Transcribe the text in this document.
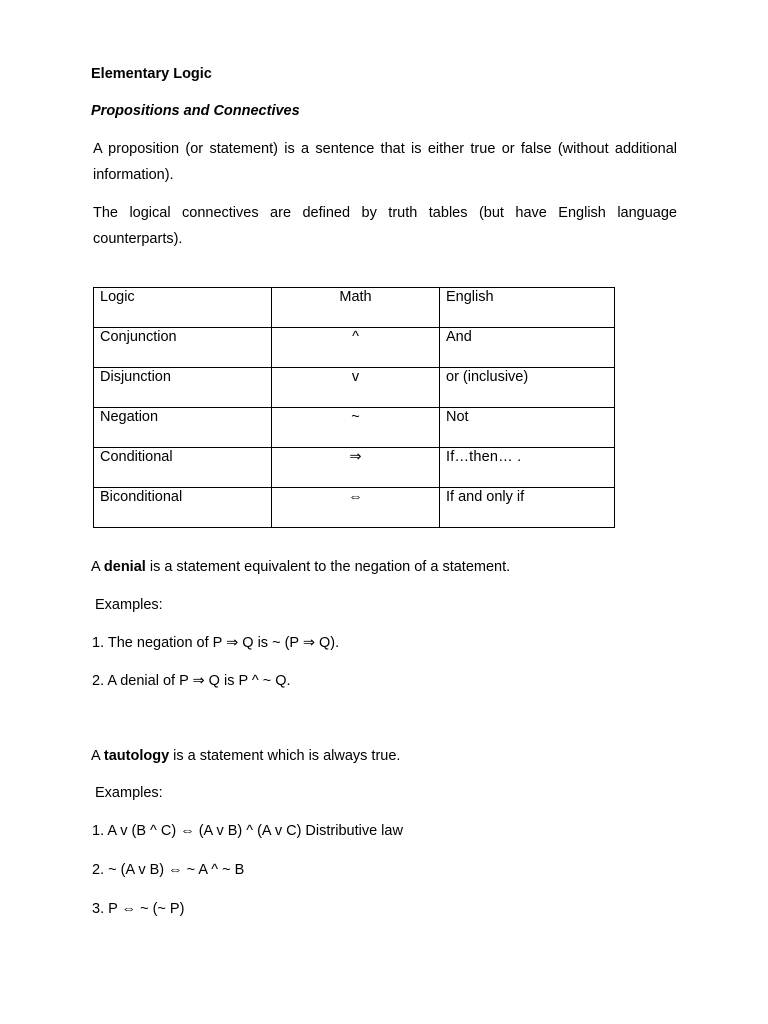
Elementary Logic
Propositions and Connectives
A proposition (or statement) is a sentence that is either true or false (without additional information).
The logical connectives are defined by truth tables (but have English language counterparts).
Logic	Math	English
Conjunction	^	And
Disjunction	v	or (inclusive)
Negation	~	Not
Conditional	⇒	If…then… .
Biconditional	⇔	If and only if
A denial is a statement equivalent to the negation of a statement.
Examples:
1. The negation of P ⇒ Q is ~ (P ⇒ Q).
2. A denial of P ⇒ Q is P ^ ~ Q.
A tautology is a statement which is always true.
Examples:
1. A v (B ^ C) ⇔ (A v B) ^ (A v C) Distributive law
2. ~ (A v B) ⇔ ~ A ^ ~ B
3. P ⇔ ~ (~ P)
